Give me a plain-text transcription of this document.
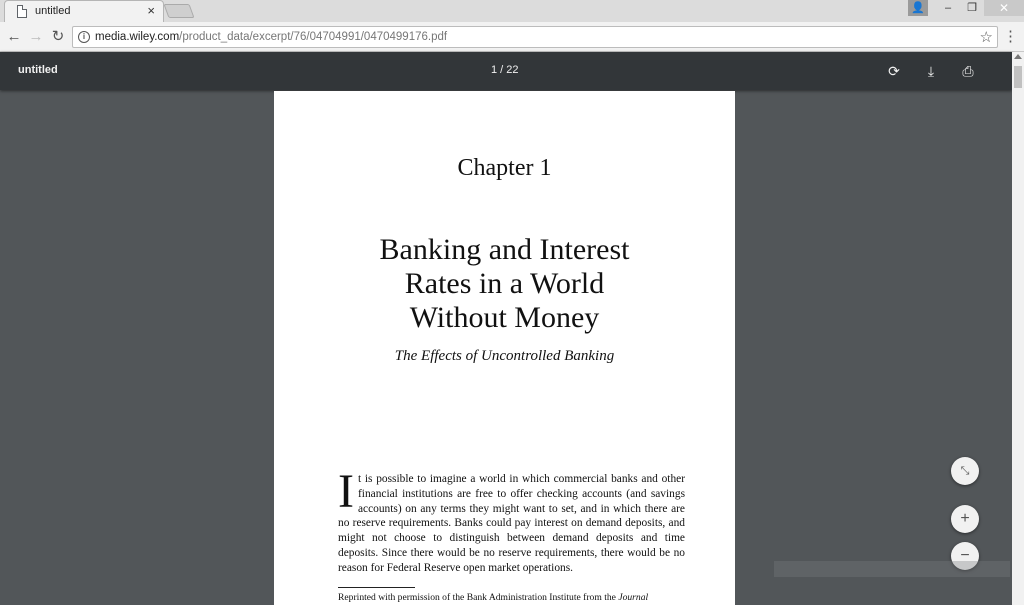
untitled	×	👤	–	❐	✕
← → ↻	i media.wiley.com/product_data/excerpt/76/04704991/0470499176.pdf	☆ ⋮
untitled	1 / 22	⟳	⤓	⎙
Chapter 1
Banking and Interest
Rates in a World
Without Money
The Effects of Uncontrolled Banking
It is possible to imagine a world in which commercial banks and other financial institutions are free to offer checking accounts (and savings accounts) on any terms they might want to set, and in which there are no reserve requirements. Banks could pay interest on demand deposits, and might not choose to distinguish between demand deposits and time deposits. Since there would be no reserve requirements, there would be no reason for Federal Reserve open market operations.
Reprinted with permission of the Bank Administration Institute from the Journal
⤡
+
−
